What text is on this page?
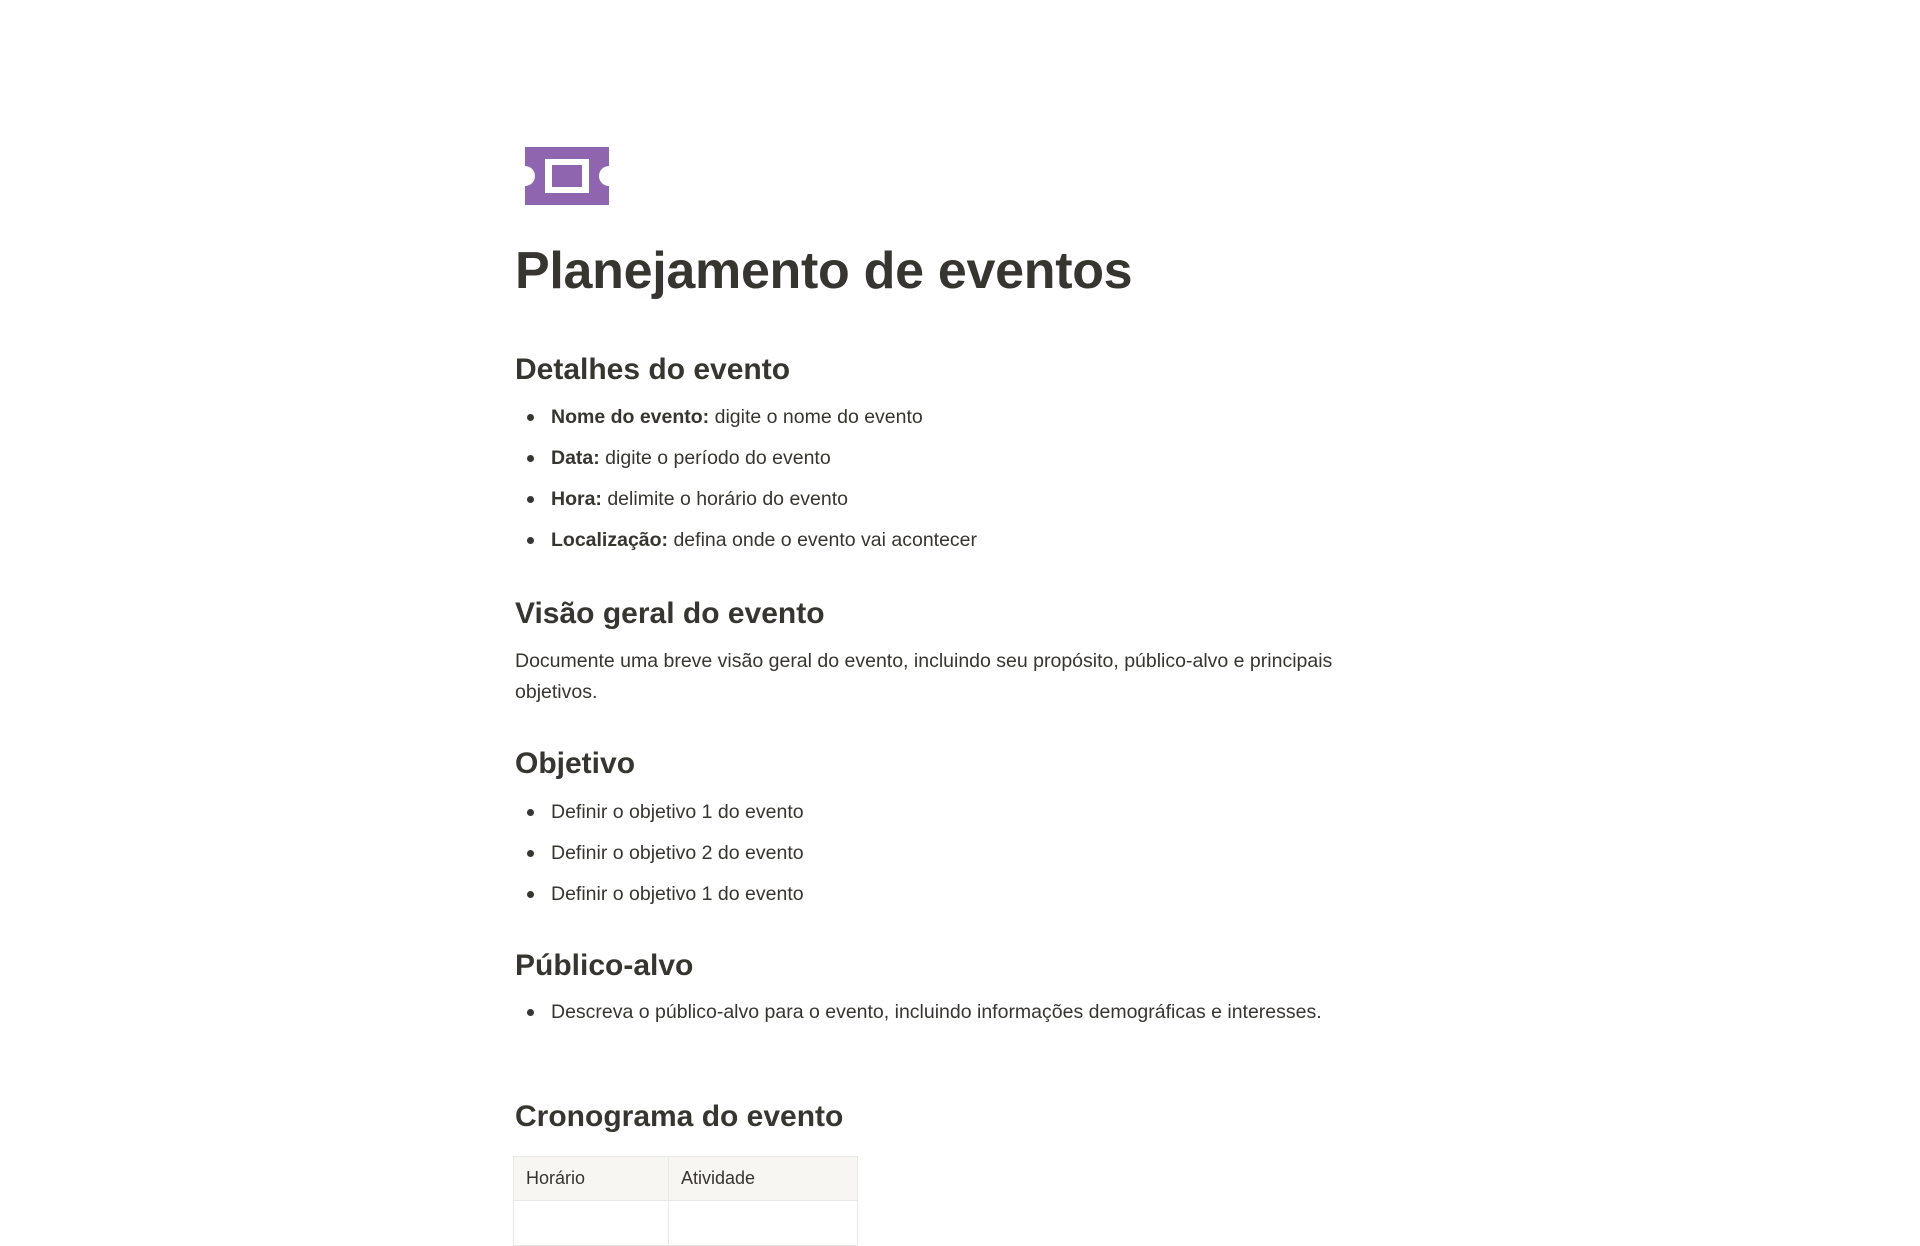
Planejamento de eventos
Detalhes do evento
Nome do evento: digite o nome do evento
Data: digite o período do evento
Hora: delimite o horário do evento
Localização: defina onde o evento vai acontecer
Visão geral do evento

Documente uma breve visão geral do evento, incluindo seu propósito, público-alvo e principais objetivos.

Objetivo
Definir o objetivo 1 do evento
Definir o objetivo 2 do evento
Definir o objetivo 1 do evento
Público-alvo
Descreva o público-alvo para o evento, incluindo informações demográficas e interesses.
Cronograma do evento
Horário	Atividade
